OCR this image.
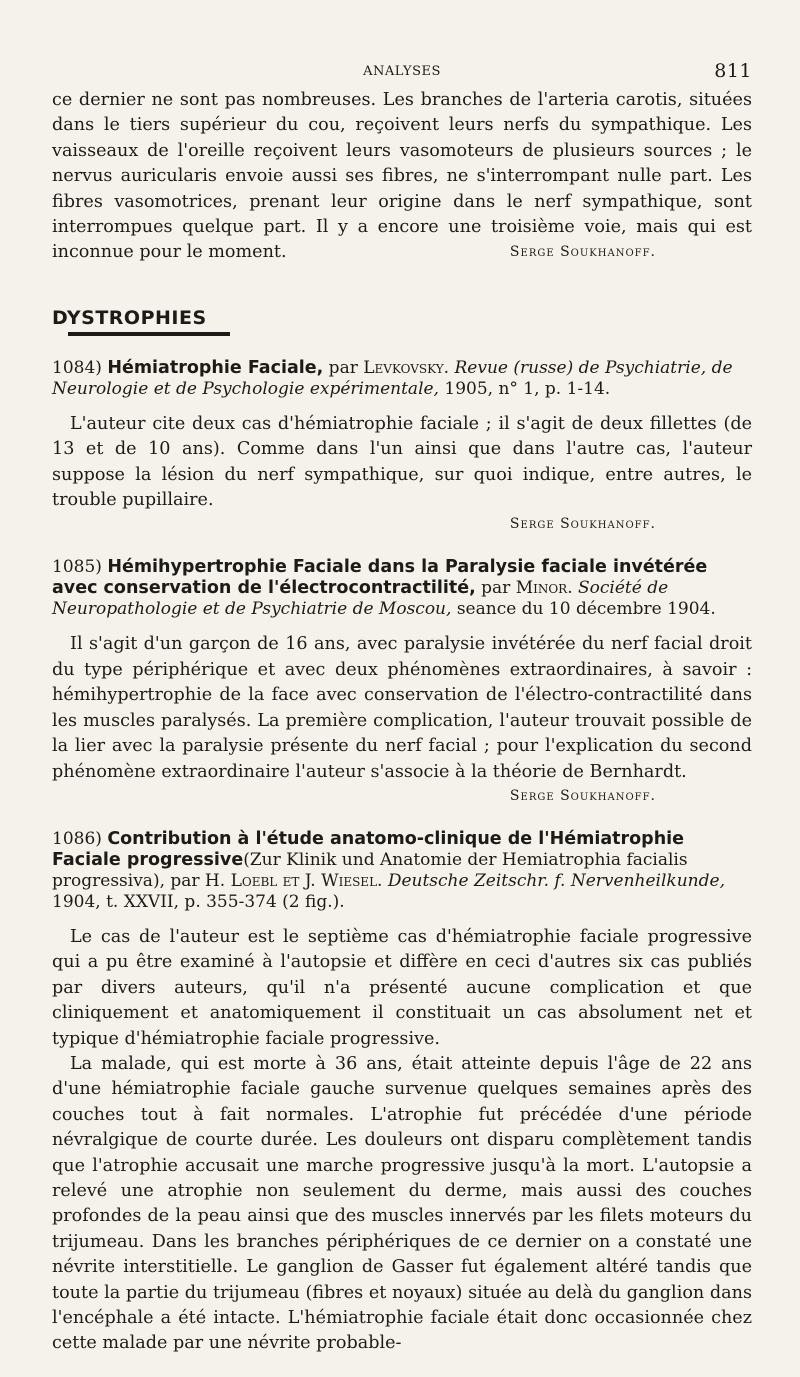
ANALYSES	811

ce dernier ne sont pas nombreuses. Les branches de l'arteria carotis, situées dans le tiers supérieur du cou, reçoivent leurs nerfs du sympathique. Les vaisseaux de l'oreille reçoivent leurs vasomoteurs de plusieurs sources ; le nervus auricularis envoie aussi ses fibres, ne s'interrompant nulle part. Les fibres vasomotrices, prenant leur origine dans le nerf sympathique, sont interrompues quelque part. Il y a encore une troisième voie, mais qui est inconnue pour le moment.	Serge Soukhanoff.
DYSTROPHIES
1084) Hémiatrophie Faciale, par Levkovsky. Revue (russe) de Psychiatrie, de Neurologie et de Psychologie expérimentale, 1905, n° 1, p. 1-14.

L'auteur cite deux cas d'hémiatrophie faciale ; il s'agit de deux fillettes (de 13 et de 10 ans). Comme dans l'un ainsi que dans l'autre cas, l'auteur suppose la lésion du nerf sympathique, sur quoi indique, entre autres, le trouble pupillaire.

Serge Soukhanoff.
1085) Hémihypertrophie Faciale dans la Paralysie faciale invétérée avec conservation de l'électrocontractilité, par Minor. Société de Neuropathologie et de Psychiatrie de Moscou, seance du 10 décembre 1904.

Il s'agit d'un garçon de 16 ans, avec paralysie invétérée du nerf facial droit du type périphérique et avec deux phénomènes extraordinaires, à savoir : hémihypertrophie de la face avec conservation de l'électro-contractilité dans les muscles paralysés. La première complication, l'auteur trouvait possible de la lier avec la paralysie présente du nerf facial ; pour l'explication du second phénomène extraordinaire l'auteur s'associe à la théorie de Bernhardt.

Serge Soukhanoff.
1086) Contribution à l'étude anatomo-clinique de l'Hémiatrophie Faciale progressive(Zur Klinik und Anatomie der Hemiatrophia facialis progressiva), par H. Loebl et J. Wiesel. Deutsche Zeitschr. f. Nervenheilkunde, 1904, t. XXVII, p. 355-374 (2 fig.).

Le cas de l'auteur est le septième cas d'hémiatrophie faciale progressive qui a pu être examiné à l'autopsie et diffère en ceci d'autres six cas publiés par divers auteurs, qu'il n'a présenté aucune complication et que cliniquement et anatomiquement il constituait un cas absolument net et typique d'hémiatrophie faciale progressive.

La malade, qui est morte à 36 ans, était atteinte depuis l'âge de 22 ans d'une hémiatrophie faciale gauche survenue quelques semaines après des couches tout à fait normales. L'atrophie fut précédée d'une période névralgique de courte durée. Les douleurs ont disparu complètement tandis que l'atrophie accusait une marche progressive jusqu'à la mort. L'autopsie a relevé une atrophie non seulement du derme, mais aussi des couches profondes de la peau ainsi que des muscles innervés par les filets moteurs du trijumeau. Dans les branches périphériques de ce dernier on a constaté une névrite interstitielle. Le ganglion de Gasser fut également altéré tandis que toute la partie du trijumeau (fibres et noyaux) située au delà du ganglion dans l'encéphale a été intacte. L'hémiatrophie faciale était donc occasionnée chez cette malade par une névrite probable-
